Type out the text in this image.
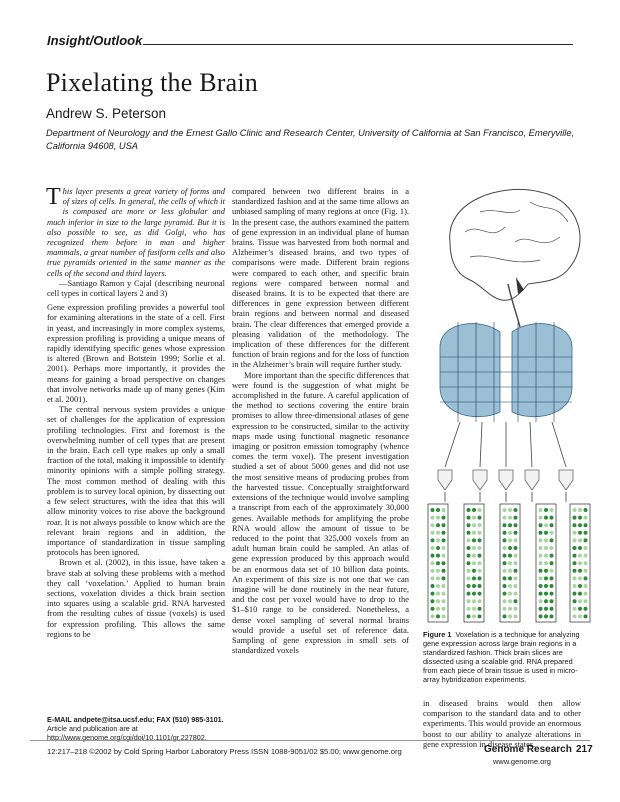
Insight/Outlook
Pixelating the Brain
Andrew S. Peterson
Department of Neurology and the Ernest Gallo Clinic and Research Center, University of California at San Francisco, Emeryville, California 94608, USA

This layer presents a great variety of forms and of sizes of cells. In general, the cells of which it is composed are more or less globular and much inferior in size to the large pyramid. But it is also possible to see, as did Golgi, who has recognized them before in man and higher mammals, a great number of fusiform cells and also true pyramids oriented in the same manner as the cells of the second and third layers.

—Santiago Ramon y Cajal (describing neuronal cell types in cortical layers 2 and 3)

Gene expression profiling provides a powerful tool for examining alterations in the state of a cell. First in yeast, and increasingly in more complex systems, expression profiling is providing a unique means of rapidly identifying specific genes whose expression is altered (Brown and Botstein 1999; Sorlie et al. 2001). Perhaps more importantly, it provides the means for gaining a broad perspective on changes that involve networks made up of many genes (Kim et al. 2001).

The central nervous system provides a unique set of challenges for the application of expression profiling technologies. First and foremost is the overwhelming number of cell types that are present in the brain. Each cell type makes up only a small fraction of the total, making it impossible to identify minority opinions with a simple polling strategy. The most common method of dealing with this problem is to survey local opinion, by dissecting out a few select structures, with the idea that this will allow minority voices to rise above the background roar. It is not always possible to know which are the relevant brain regions and in addition, the importance of standardization in tissue sampling protocols has been ignored.

Brown et al. (2002), in this issue, have taken a brave stab at solving these problems with a method they call ‘voxelation.’ Applied to human brain sections, voxelation divides a thick brain section into squares using a scalable grid. RNA harvested from the resulting cubes of tissue (voxels) is used for expression profiling. This allows the same regions to be

E-MAIL andpete@itsa.ucsf.edu; FAX (510) 985-3101.
Article and publication are at http://www.genome.org/cgi/doi/10.1101/gr.227802.

compared between two different brains in a standardized fashion and at the same time allows an unbiased sampling of many regions at once (Fig. 1). In the present case, the authors examined the pattern of gene expression in an individual plane of human brains. Tissue was harvested from both normal and Alzheimer’s diseased brains, and two types of comparisons were made. Different brain regions were compared to each other, and specific brain regions were compared between normal and diseased brains. It is to be expected that there are differences in gene expression between different brain regions and between normal and diseased brain. The clear differences that emerged provide a pleasing validation of the methodology. The implication of these differences for the different function of brain regions and for the loss of function in the Alzheimer’s brain will require further study.

More important than the specific differences that were found is the suggestion of what might be accomplished in the future. A careful application of the method to sections covering the entire brain promises to allow three-dimensional atlases of gene expression to be constructed, similar to the activity maps made using functional magnetic resonance imaging or positron emission tomography (whence comes the term voxel). The present investigation studied a set of about 5000 genes and did not use the most sensitive means of producing probes from the harvested tissue. Conceptually straightforward extensions of the technique would involve sampling a transcript from each of the approximately 30,000 genes. Available methods for amplifying the probe RNA would allow the amount of tissue to be reduced to the point that 325,000 voxels from an adult human brain could be sampled. An atlas of gene expression produced by this approach would be an enormous data set of 10 billion data points. An experiment of this size is not one that we can imagine will be done routinely in the near future, and the cost per voxel would have to drop to the $1–$10 range to be considered. Nonetheless, a dense voxel sampling of several normal brains would provide a useful set of reference data. Sampling of gene expression in small sets of standardized voxels

Figure 1 Voxelation is a technique for analyzing gene expression across large brain regions in a standardized fashion. Thick brain slices are dissected using a scalable grid. RNA prepared from each piece of brain tissue is used in micro-array hybridization experiments.

in diseased brains would then allow comparison to the standard data and to other experiments. This would provide an enormous boost to our ability to analyze alterations in gene expression in disease states.

12:217–218 ©2002 by Cold Spring Harbor Laboratory Press ISSN 1088-9051/02 $5.00; www.genome.org	Genome Research 217
www.genome.org
